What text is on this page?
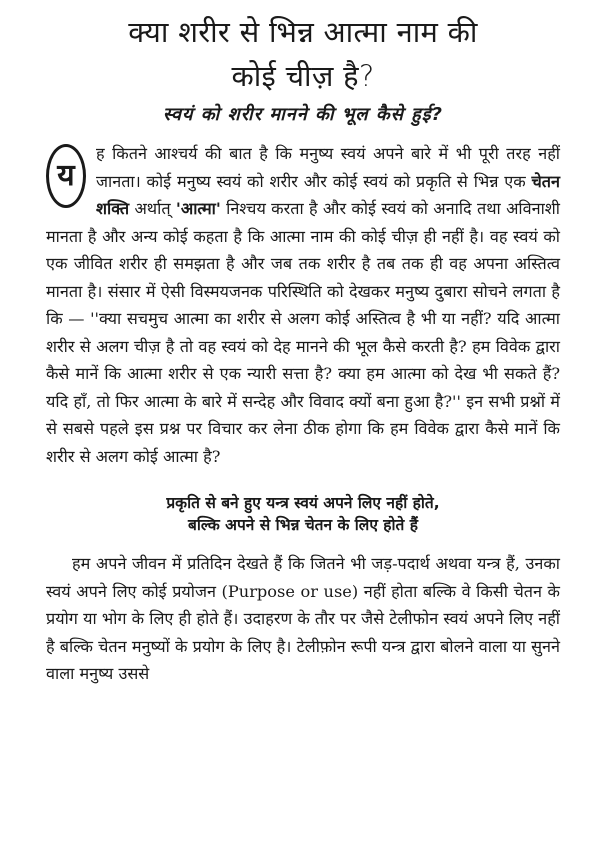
क्या शरीर से भिन्न आत्मा नाम की
कोई चीज़ है?
स्वयं को शरीर मानने की भूल कैसे हुई?

य
ह कितने आश्चर्य की बात है कि मनुष्य स्वयं अपने बारे में भी पूरी तरह नहीं जानता। कोई मनुष्य स्वयं को शरीर और कोई स्वयं को प्रकृति से भिन्न एक चेतन शक्ति अर्थात् 'आत्मा' निश्चय करता है और कोई स्वयं को अनादि तथा अविनाशी मानता है और अन्य कोई कहता है कि आत्मा नाम की कोई चीज़ ही नहीं है। वह स्वयं को एक जीवित शरीर ही समझता है और जब तक शरीर है तब तक ही वह अपना अस्तित्व मानता है। संसार में ऐसी विस्मयजनक परिस्थिति को देखकर मनुष्य दुबारा सोचने लगता है कि — ''क्या सचमुच आत्मा का शरीर से अलग कोई अस्तित्व है भी या नहीं? यदि आत्मा शरीर से अलग चीज़ है तो वह स्वयं को देह मानने की भूल कैसे करती है? हम विवेक द्वारा कैसे मानें कि आत्मा शरीर से एक न्यारी सत्ता है? क्या हम आत्मा को देख भी सकते हैं? यदि हाँ, तो फिर आत्मा के बारे में सन्देह और विवाद क्यों बना हुआ है?'' इन सभी प्रश्नों में से सबसे पहले इस प्रश्न पर विचार कर लेना ठीक होगा कि हम विवेक द्वारा कैसे मानें कि शरीर से अलग कोई आत्मा है?

प्रकृति से बने हुए यन्त्र स्वयं अपने लिए नहीं होते,
बल्कि अपने से भिन्न चेतन के लिए होते हैं

हम अपने जीवन में प्रतिदिन देखते हैं कि जितने भी जड़-पदार्थ अथवा यन्त्र हैं, उनका स्वयं अपने लिए कोई प्रयोजन (Purpose or use) नहीं होता बल्कि वे किसी चेतन के प्रयोग या भोग के लिए ही होते हैं। उदाहरण के तौर पर जैसे टेलीफोन स्वयं अपने लिए नहीं है बल्कि चेतन मनुष्यों के प्रयोग के लिए है। टेलीफ़ोन रूपी यन्त्र द्वारा बोलने वाला या सुनने वाला मनुष्य उससे
